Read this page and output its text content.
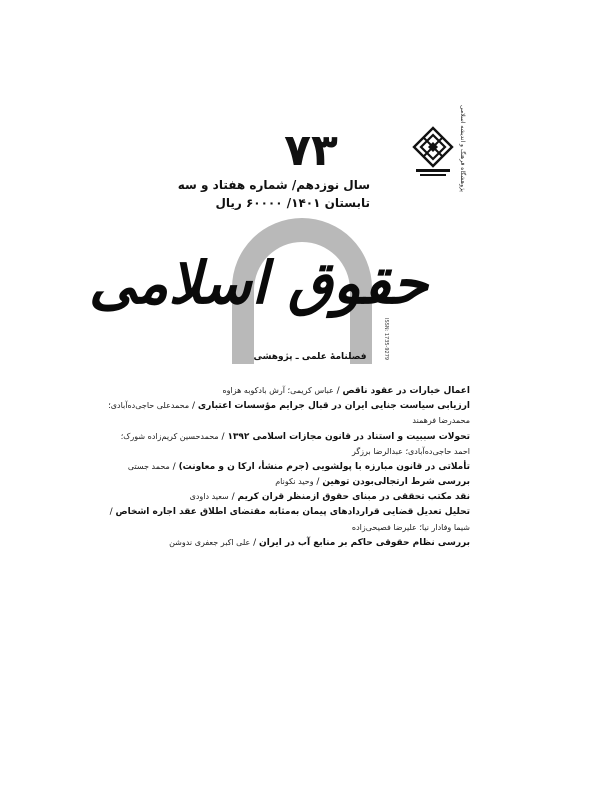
پژوهشگاه فرهنگ و اندیشه اسلامی
۷۳
سال نوزدهم/ شماره هفتاد و سه
تابستان ۱۴۰۱/ ۶۰۰۰۰ ریال
حقوق اسلامی
ISSN: 1735-9279
فصلنامهٔ علمی ـ پژوهشی
اعمال خیارات در عقود ناقص / عباس کریمی؛ آرش بادکوبه هزاوه
ارزیابی سیاست جنایی ایران در قبال جرایم مؤسسات اعتباری / محمدعلی حاجی‌ده‌آبادی؛
محمدرضا فرهمند
تحولات سببیت و استناد در قانون مجازات اسلامی ۱۳۹۲ / محمدحسین کریم‌زاده شورک؛
احمد حاجی‌ده‌آبادی؛ عبدالرضا برزگر
تأملاتی در قانون مبارزه با پولشویی (جرم منشأ، ارکا ن و معاونت) / محمد جستی
بررسی شرط ارتجالی‌بودن توهین / وحید نکونام
نقد مکتب تحققی در مبنای حقوق ازمنظر قران کریم / سعید داودی
تحلیل تعدیل قضایی قراردادهای پیمان به‌مثابه مقتضای اطلاق عقد اجاره اشخاص /
شیما وفادار نیا؛ علیرضا فصیحی‌زاده
بررسی نظام حقوقی حاکم بر منابع آب در ایران / علی اکبر جعفری ندوشن
